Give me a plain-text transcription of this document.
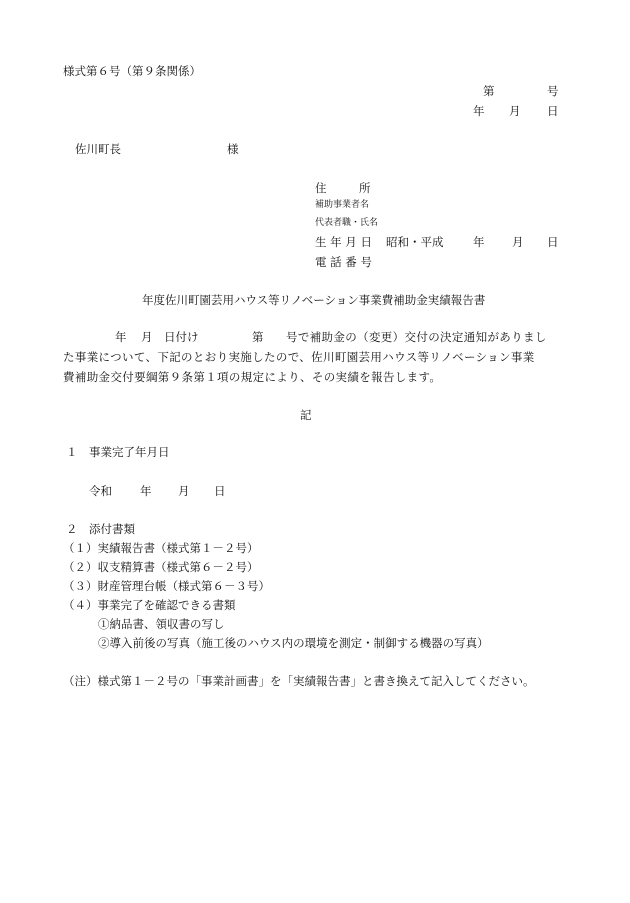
様式第６号（第９条関係）
第	号
年 月 日
佐川町長	様
住	所
補助事業者名
代表者職・氏名
生 年 月 日 昭和・平成	年 月 日
電 話 番 号
年度佐川町園芸用ハウス等リノベーション事業費補助金実績報告書
年 月 日付け	第 号で補助金の（変更）交付の決定通知がありまし
た事業について、下記のとおり実施したので、佐川町園芸用ハウス等リノベーション事業
費補助金交付要綱第９条第１項の規定により、その実績を報告します。
記
１　事業完了年月日
令和 年 月 日
２　添付書類
（１）実績報告書（様式第１－２号）
（２）収支精算書（様式第６－２号）
（３）財産管理台帳（様式第６－３号）
（４）事業完了を確認できる書類
①納品書、領収書の写し
②導入前後の写真（施工後のハウス内の環境を測定・制御する機器の写真）
（注）様式第１－２号の「事業計画書」を「実績報告書」と書き換えて記入してください。
